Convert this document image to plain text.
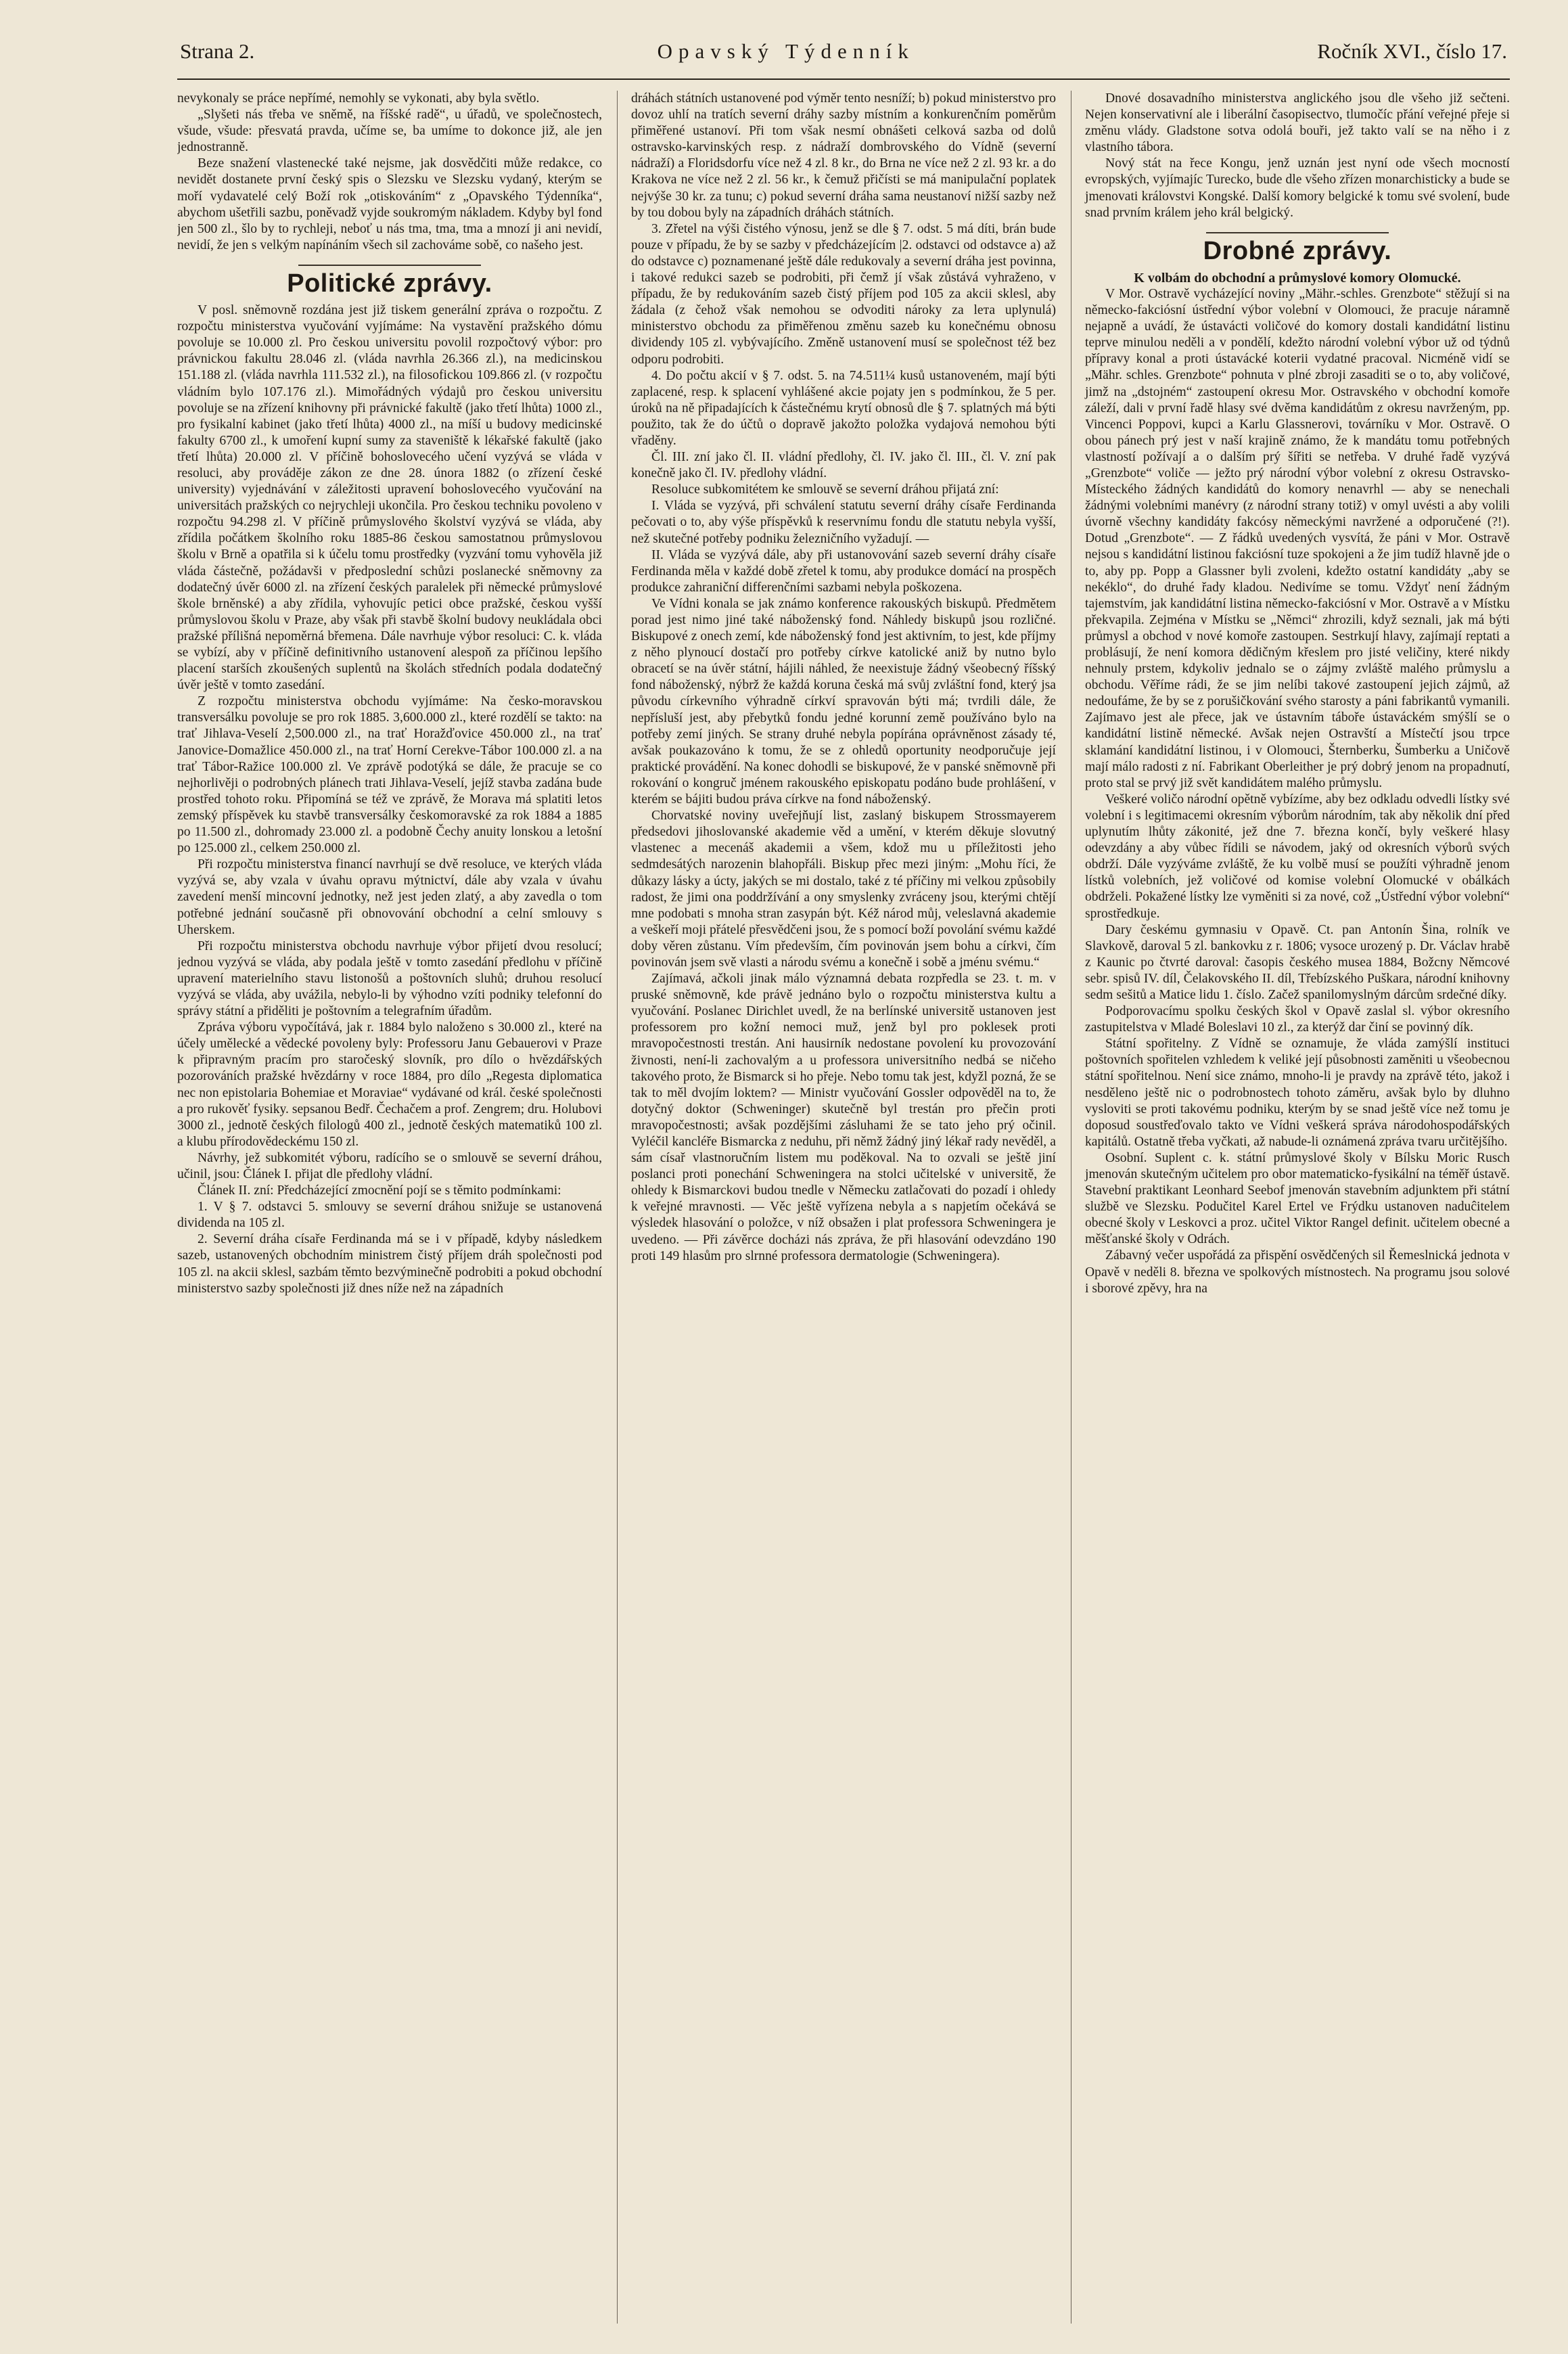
Strana 2.	Opavský Týdenník	Ročník XVI., číslo 17.

nevykonaly se práce nepřímé, nemohly se vykonati, aby byla světlo.

„Slyšeti nás třeba ve sněmě, na říšské radě“, u úřadů, ve společnostech, všude, všude: přesvatá pravda, učíme se, ba umíme to dokonce již, ale jen jednostranně.

Beze snažení vlastenecké také nejsme, jak dosvědčiti může redakce, co nevidět dostanete první český spis o Slezsku ve Slezsku vydaný, kterým se moří vydavatelé celý Boží rok „otiskováním“ z „Opavského Týdenníka“, abychom ušetřili sazbu, poněvadž vyjde soukromým nákladem. Kdyby byl fond jen 500 zl., šlo by to rychleji, neboť u nás tma, tma, tma a mnozí ji ani nevidí, nevidí, že jen s velkým napínáním všech sil zachováme sobě, co našeho jest.

Politické zprávy.

V posl. sněmovně rozdána jest již tiskem generální zpráva o rozpočtu. Z rozpočtu ministerstva vyučování vyjímáme: Na vystavění pražského dómu povoluje se 10.000 zl. Pro českou universitu povolil rozpočtový výbor: pro právnickou fakultu 28.046 zl. (vláda navrhla 26.366 zl.), na medicinskou 151.188 zl. (vláda navrhla 111.532 zl.), na filosofickou 109.866 zl. (v rozpočtu vládním bylo 107.176 zl.). Mimořádných výdajů pro českou universitu povoluje se na zřízení knihovny při právnické fakultě (jako třetí lhůta) 1000 zl., pro fysikalní kabinet (jako třetí lhůta) 4000 zl., na míší u budovy medicinské fakulty 6700 zl., k umoření kupní sumy za staveniště k lékařské fakultě (jako třetí lhůta) 20.000 zl. V příčině bohoslovecého učení vyzývá se vláda v resoluci, aby prováděje zákon ze dne 28. února 1882 (o zřízení české university) vyjednávání v záležitosti upravení bohoslovecého vyučování na universitách pražských co nejrychleji ukončila. Pro českou techniku povoleno v rozpočtu 94.298 zl. V příčině průmyslového školství vyzývá se vláda, aby zřídila počátkem školního roku 1885-86 českou samostatnou průmyslovou školu v Brně a opatřila si k účelu tomu prostředky (vyzvání tomu vyhověla již vláda částečně, požádavši v předposlední schůzi poslanecké sněmovny za dodatečný úvěr 6000 zl. na zřízení českých paralelek při německé průmyslové škole brněnské) a aby zřídila, vyhovujíc petici obce pražské, českou vyšší průmyslovou školu v Praze, aby však při stavbě školní budovy neukládala obci pražské přílišná nepoměrná břemena. Dále navrhuje výbor resoluci: C. k. vláda se vybízí, aby v příčině definitivního ustanovení alespoň za příčinou lepšího placení starších zkoušených suplentů na školách středních podala dodatečný úvěr ještě v tomto zasedání.

Z rozpočtu ministerstva obchodu vyjímáme: Na česko-moravskou transversálku povoluje se pro rok 1885. 3,600.000 zl., které rozdělí se takto: na trať Jihlava-Veselí 2,500.000 zl., na trať Horažďovice 450.000 zl., na trať Janovice-Domažlice 450.000 zl., na trať Horní Cerekve-Tábor 100.000 zl. a na trať Tábor-Ražice 100.000 zl. Ve zprávě podotýká se dále, že pracuje se co nejhorlivěji o podrobných plánech trati Jihlava-Veselí, jejíž stavba zadána bude prostřed tohoto roku. Připomíná se též ve zprávě, že Morava má splatiti letos zemský příspěvek ku stavbě transversálky českomoravské za rok 1884 a 1885 po 11.500 zl., dohromady 23.000 zl. a podobně Čechy anuity lonskou a letošní po 125.000 zl., celkem 250.000 zl.

Při rozpočtu ministerstva financí navrhují se dvě resoluce, ve kterých vláda vyzývá se, aby vzala v úvahu opravu mýtnictví, dále aby vzala v úvahu zavedení menší mincovní jednotky, než jest jeden zlatý, a aby zavedla o tom potřebné jednání současně při obnovování obchodní a celní smlouvy s Uherskem.

Při rozpočtu ministerstva obchodu navrhuje výbor přijetí dvou resolucí; jednou vyzývá se vláda, aby podala ještě v tomto zasedání předlohu v příčině upravení materielního stavu listonošů a poštovních sluhů; druhou resolucí vyzývá se vláda, aby uvážila, nebylo-li by výhodno vzíti podniky telefonní do správy státní a přiděliti je poštovním a telegrafním úřadům.

Zpráva výboru vypočítává, jak r. 1884 bylo naloženo s 30.000 zl., které na účely umělecké a vědecké povoleny byly: Professoru Janu Gebauerovi v Praze k připravným pracím pro staročeský slovník, pro dílo o hvězdářských pozorováních pražské hvězdárny v roce 1884, pro dílo „Regesta diplomatica nec non epistolaria Bohemiae et Moraviae“ vydávané od král. české společnosti a pro rukověť fysiky. sepsanou Bedř. Čechačem a prof. Zengrem; dru. Holubovi 3000 zl., jednotě českých filologů 400 zl., jednotě českých matematiků 100 zl. a klubu přírodovědeckému 150 zl.

Návrhy, jež subkomitét výboru, radícího se o smlouvě se severní dráhou, učinil, jsou: Článek I. přijat dle předlohy vládní.

Článek II. zní: Předcházející zmocnění pojí se s těmito podmínkami:

1. V § 7. odstavci 5. smlouvy se severní dráhou snižuje se ustanovená dividenda na 105 zl.

2. Severní dráha císaře Ferdinanda má se i v případě, kdyby následkem sazeb, ustanovených obchodním ministrem čistý příjem dráh společnosti pod 105 zl. na akcii sklesl, sazbám těmto bezvýminečně podrobiti a pokud obchodní ministerstvo sazby společnosti již dnes níže než na západních

dráhách státních ustanovené pod výměr tento nesníží; b) pokud ministerstvo pro dovoz uhlí na tratích severní dráhy sazby místním a konkurenčním poměrům přiměřené ustanoví. Při tom však nesmí obnášeti celková sazba od dolů ostravsko-karvinských resp. z nádraží dombrovského do Vídně (severní nádraží) a Floridsdorfu více než 4 zl. 8 kr., do Brna ne více než 2 zl. 93 kr. a do Krakova ne více než 2 zl. 56 kr., k čemuž přičísti se má manipulační poplatek nejvýše 30 kr. za tunu; c) pokud severní dráha sama neustanoví nižší sazby než by tou dobou byly na západních dráhách státních.

3. Zřetel na výši čistého výnosu, jenž se dle § 7. odst. 5 má díti, brán bude pouze v případu, že by se sazby v předcházejícím |2. odstavci od odstavce a) až do odstavce c) poznamenané ještě dále redukovaly a severní dráha jest povinna, i takové redukci sazeb se podrobiti, při čemž jí však zůstává vyhraženo, v případu, že by redukováním sazeb čistý příjem pod 105 za akcii sklesl, aby žádala (z čehož však nemohou se odvoditi nároky za lета uplynulá) ministerstvo obchodu za přiměřenou změnu sazeb ku konečnému obnosu dividendy 105 zl. vybývajícího. Změně ustanovení musí se společnost též bez odporu podrobiti.

4. Do počtu akcií v § 7. odst. 5. na 74.511¼ kusů ustanoveném, mají býti zaplacené, resp. k splacení vyhlášené akcie pojaty jen s podmínkou, že 5 per. úroků na ně připadajících k částečnému krytí obnosů dle § 7. splatných má býti použito, tak že do účtů o dopravě jakožto položka vydajová nemohou býti vřaděny.

Čl. III. zní jako čl. II. vládní předlohy, čl. IV. jako čl. III., čl. V. zní pak konečně jako čl. IV. předlohy vládní.

Resoluce subkomitétem ke smlouvě se severní dráhou přijatá zní:

I. Vláda se vyzývá, při schválení statutu severní dráhy císaře Ferdinanda pečovati o to, aby výše příspěvků k reservnímu fondu dle statutu nebyla vyšší, než skutečné potřeby podniku železničního vyžadují. —

II. Vláda se vyzývá dále, aby při ustanovování sazeb severní dráhy císaře Ferdinanda měla v každé době zřetel k tomu, aby produkce domácí na prospěch produkce zahraniční differenčními sazbami nebyla poškozena.

Ve Vídni konala se jak známo konference rakouských biskupů. Předmětem porad jest nimo jiné také náboženský fond. Náhledy biskupů jsou rozličné. Biskupové z onech zemí, kde náboženský fond jest aktivním, to jest, kde příjmy z něho plynoucí dostačí pro potřeby církve katolické aniž by nutno bylo obracetí se na úvěr státní, hájili náhled, že neexistuje žádný všeobecný říšský fond náboženský, nýbrž že každá koruna česká má svůj zvláštní fond, který jsa původu církevního výhradně církví spravován býti má; tvrdili dále, že nepřísluší jest, aby přebytků fondu jedné korunní země používáno bylo na potřeby zemí jiných. Se strany druhé nebyla popírána oprávněnost zásady té, avšak poukazováno k tomu, že se z ohledů oportunity neodporučuje její praktické provádění. Na konec dohodli se biskupové, že v panské sněmovně při rokování o kongruč jménem rakouského episkopatu podáno bude prohlášení, v kterém se bájiti budou práva církve na fond náboženský.

Chorvatské noviny uveřejňují list, zaslaný biskupem Strossmayerem předsedovi jihoslovanské akademie věd a umění, v kterém děkuje slovutný vlastenec a mecenáš akademii a všem, kdož mu u příležitosti jeho sedmdesátých narozenin blahopřáli. Biskup přec mezi jiným: „Mohu říci, že důkazy lásky a úcty, jakých se mi dostalo, také z té příčiny mi velkou způsobily radost, že jimi ona poddržívání a ony smyslenky zvráceny jsou, kterými chtějí mne podobati s mnoha stran zasypán být. Kéž národ můj, veleslavná akademie a veškeří moji přátelé přesvědčeni jsou, že s pomocí boží povolání svému každé doby věren zůstanu. Vím především, čím povinován jsem bohu a církvi, čím povinován jsem svě vlasti a národu svému a konečně i sobě a jménu svému.“

Zajímavá, ačkoli jinak málo významná debata rozpředla se 23. t. m. v pruské sněmovně, kde právě jednáno bylo o rozpočtu ministerstva kultu a vyučování. Poslanec Dirichlet uvedl, že na berlínské universitě ustanoven jest professorem pro kožní nemoci muž, jenž byl pro poklesek proti mravopočestnosti trestán. Ani hausirník nedostane povolení ku provozování živnosti, není-li zachovalým a u professora universitního nedbá se ničeho takového proto, že Bismarck si ho přeje. Nebo tomu tak jest, kdyžl pozná, že se tak to měl dvojím loktem? — Ministr vyučování Gossler odpověděl na to, že dotyčný doktor (Schweninger) skutečně byl trestán pro přečin proti mravopočestnosti; avšak pozdějšími zásluhami že se tato jeho prý očinil. Vyléčil kancléře Bismarcka z neduhu, při němž žádný jiný lékař rady nevěděl, a sám císař vlastnoručním listem mu poděkoval. Na to ozvali se ještě jiní poslanci proti ponechání Schweningera na stolci učitelské v universitě, že ohledy k Bismarckovi budou tnedle v Německu zatlačovati do pozadí i ohledy k veřejné mravnosti. — Věc ještě vyřízena nebyla a s napjetím očekává se výsledek hlasování o položce, v níž obsažen i plat professora Schweningera je uvedeno. — Při závěrce docházi nás zpráva, že při hlasování odevzdáno 190 proti 149 hlasům pro slrnné professora dermatologie (Schweningera).

Dnové dosavadního ministerstva anglického jsou dle všeho již sečteni. Nejen konservativní ale i liberální časopisectvo, tlumočíc přání veřejné přeje si změnu vlády. Gladstone sotva odolá bouři, jež takto valí se na něho i z vlastního tábora.

Nový stát na řece Kongu, jenž uznán jest nyní ode všech mocností evropských, vyjímajíc Turecko, bude dle všeho zřízen monarchisticky a bude se jmenovati královstvi Kongské. Další komory belgické k tomu své svolení, bude snad prvním králem jeho král belgický.

Drobné zprávy.
K volbám do obchodní a průmyslové komory Olomucké.

V Mor. Ostravě vycházející noviny „Mähr.-schles. Grenzbote“ stěžují si na německo-fakciósní ústřední výbor volební v Olomouci, že pracuje náramně nejapně a uvádí, že ústavácti voličové do komory dostali kandidátní listinu teprve minulou neděli a v pondělí, kdežto národní volební výbor už od týdnů přípravy konal a proti ústavácké koterii vydatné pracoval. Nicméně vidí se „Mähr. schles. Grenzbote“ pohnuta v plné zbroji zasaditi se o to, aby voličové, jimž na „dstojném“ zastoupení okresu Mor. Ostravského v obchodní komoře záleží, dali v první řadě hlasy své dvěma kandidátům z okresu navrženým, pp. Vincenci Poppovi, kupci a Karlu Glassnerovi, továrníku v Mor. Ostravě. O obou pánech prý jest v naší krajině známo, že k mandátu tomu potřebných vlastností požívají a o dalším prý šířiti se netřeba. V druhé řadě vyzývá „Grenzbote“ voliče — ježto prý národní výbor volební z okresu Ostravsko-Místeckého žádných kandidátů do komory nenavrhl — aby se nenechali žádnými volebními manévry (z národní strany totiž) v omyl uvésti a aby volili úvorně všechny kandidáty fakcósy německými navržené a odporučené (?!). Dotud „Grenzbote“. — Z řádků uvedených vysvítá, že páni v Mor. Ostravě nejsou s kandidátní listinou fakciósní tuze spokojeni a že jim tudíž hlavně jde o to, aby pp. Popp a Glassner byli zvoleni, kdežto ostatní kandidáty „aby se nekéklo“, do druhé řady kladou. Nedivíme se tomu. Vždyť není žádným tajemstvím, jak kandidátní listina německo-fakciósní v Mor. Ostravě a v Místku překvapila. Zejména v Místku se „Němci“ zhrozili, když seznali, jak má býti průmysl a obchod v nové komoře zastoupen. Sestrkují hlavy, zajímají reptati a problásují, že není komora dědičným křeslem pro jisté veličiny, které nikdy nehnuly prstem, kdykoliv jednalo se o zájmy zvláště malého průmyslu a obchodu. Věříme rádi, že se jim nelíbi takové zastoupení jejich zájmů, až nedoufáme, že by se z porušičkování svého starosty a páni fabrikantů vymanili. Zajímavo jest ale přece, jak ve ústavním táboře ústaváckém smýšlí se o kandidátní listině německé. Avšak nejen Ostravští a Místečtí jsou trpce sklamání kandidátní listinou, i v Olomouci, Šternberku, Šumberku a Uničově mají málo radosti z ní. Fabrikant Oberleither je prý dobrý jenom na propadnutí, proto stal se prvý již svět kandidátem malého průmyslu.

Veškeré voličo národní opětně vybízíme, aby bez odkladu odvedli lístky své volební i s legitimacemi okresním výborům národním, tak aby několik dní před uplynutím lhůty zákonité, jež dne 7. března končí, byly veškeré hlasy odevzdány a aby vůbec řídili se návodem, jaký od okresních výborů svých obdrží. Dále vyzýváme zvláště, že ku volbě musí se použíti výhradně jenom lístků volebních, jež voličové od komise volební Olomucké v obálkách obdrželi. Pokažené lístky lze vyměniti si za nové, což „Ústřední výbor volební“ sprostředkuje.

Dary českému gymnasiu v Opavě. Ct. pan Antonín Šina, rolník ve Slavkově, daroval 5 zl. bankovku z r. 1806; vysoce urozený p. Dr. Václav hrabě z Kaunic po čtvrté daroval: časopis českého musea 1884, Božcny Němcové sebr. spisů IV. díl, Čelakovského II. díl, Třebízského Puškara, národní knihovny sedm sešitů a Matice lidu 1. číslo. Začež spanilomyslným dárcům srdečné díky.

Podporovacímu spolku českých škol v Opavě zaslal sl. výbor okresního zastupitelstva v Mladé Boleslavi 10 zl., za kterýž dar činí se povinný dík.

Státní spořitelny. Z Vídně se oznamuje, že vláda zamýšlí instituci poštovních spořitelen vzhledem k veliké její působnosti zaměniti u všeobecnou státní spořitelnou. Není sice známo, mnoho-li je pravdy na zprávě této, jakož i nesdělenо ještě nic o podrobnostech tohoto záměru, avšak bylo by dluhno vysloviti se proti takovému podniku, kterým by se snad ještě více než tomu je doposud soustřeďovalo takto ve Vídni veškerá správa národohospodářských kapitálů. Ostatně třeba vyčkati, až nabude-li oznámená zpráva tvaru určitějšího.

Osobní. Suplent c. k. státní průmyslové školy v Bílsku Moric Rusch jmenován skutečným učitelem pro obor matematicko-fysikální na téměř ústavě. Stavební praktikant Leonhard Seebof jmenován stavebním adjunktem při státní službě ve Slezsku. Podučitel Karel Ertel ve Frýdku ustanoven naduĉitelem obecné školy v Leskovci a proz. učitel Viktor Rangel definit. učitelem obecné a měšťanské školy v Odrách.

Zábavný večer uspořádá za přispění osvědčených sil Řemeslnická jednota v Opavě v neděli 8. března ve spolkových místnostech. Na programu jsou solové i sborové zpěvy, hra na
